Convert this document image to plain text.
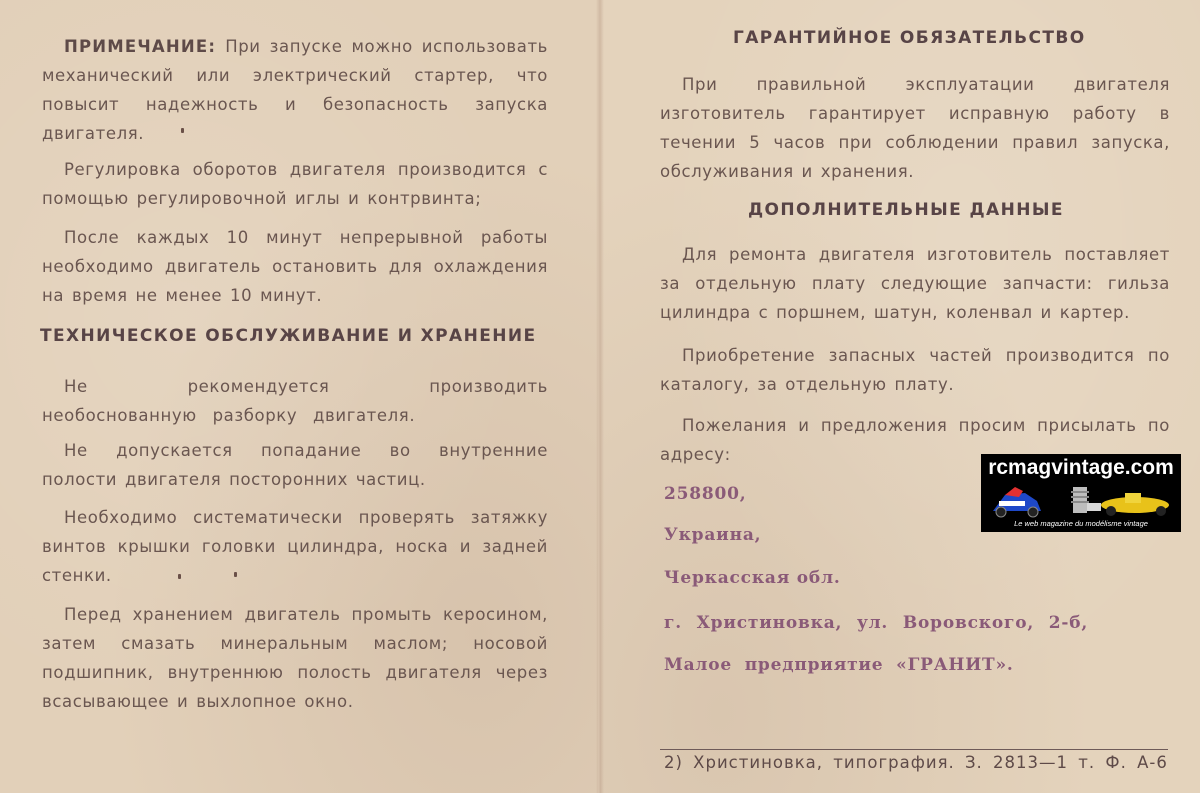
ПРИМЕЧАНИЕ: При запуске можно использовать механический или электрический стартер, что повысит надежность и безопасность запуска двигателя.

Регулировка оборотов двигателя производится с помощью регулировочной иглы и контрвинта;

После каждых 10 минут непрерывной работы необходимо двигатель остановить для охлаждения на время не менее 10 минут.

ТЕХНИЧЕСКОЕ ОБСЛУЖИВАНИЕ И ХРАНЕНИЕ

Не рекомендуется производить необоснованную разборку двигателя.

Не допускается попадание во внутренние полости двигателя посторонних частиц.

Необходимо систематически проверять затяжку винтов крышки головки цилиндра, носка и задней стенки.

Перед хранением двигатель промыть керосином, затем смазать минеральным маслом; носовой подшипник, внутреннюю полость двигателя через всасывающее и выхлопное окно.

ГАРАНТИЙНОЕ ОБЯЗАТЕЛЬСТВО

При правильной эксплуатации двигателя изготовитель гарантирует исправную работу в течении 5 часов при соблюдении правил запуска, обслуживания и хранения.

ДОПОЛНИТЕЛЬНЫЕ ДАННЫЕ

Для ремонта двигателя изготовитель поставляет за отдельную плату следующие запчасти: гильза цилиндра с поршнем, шатун, коленвал и картер.

Приобретение запасных частей производится по каталогу, за отдельную плату.

Пожелания и предложения просим присылать по адресу:

258800,

Украина,

Черкасская обл.

г. Христиновка, ул. Воровского, 2-б,

Малое предприятие «ГРАНИТ».

2) Христиновка, типография. З. 2813—1 т. Ф. А-6

rcmagvintage.com
Le web magazine du modélisme vintage
